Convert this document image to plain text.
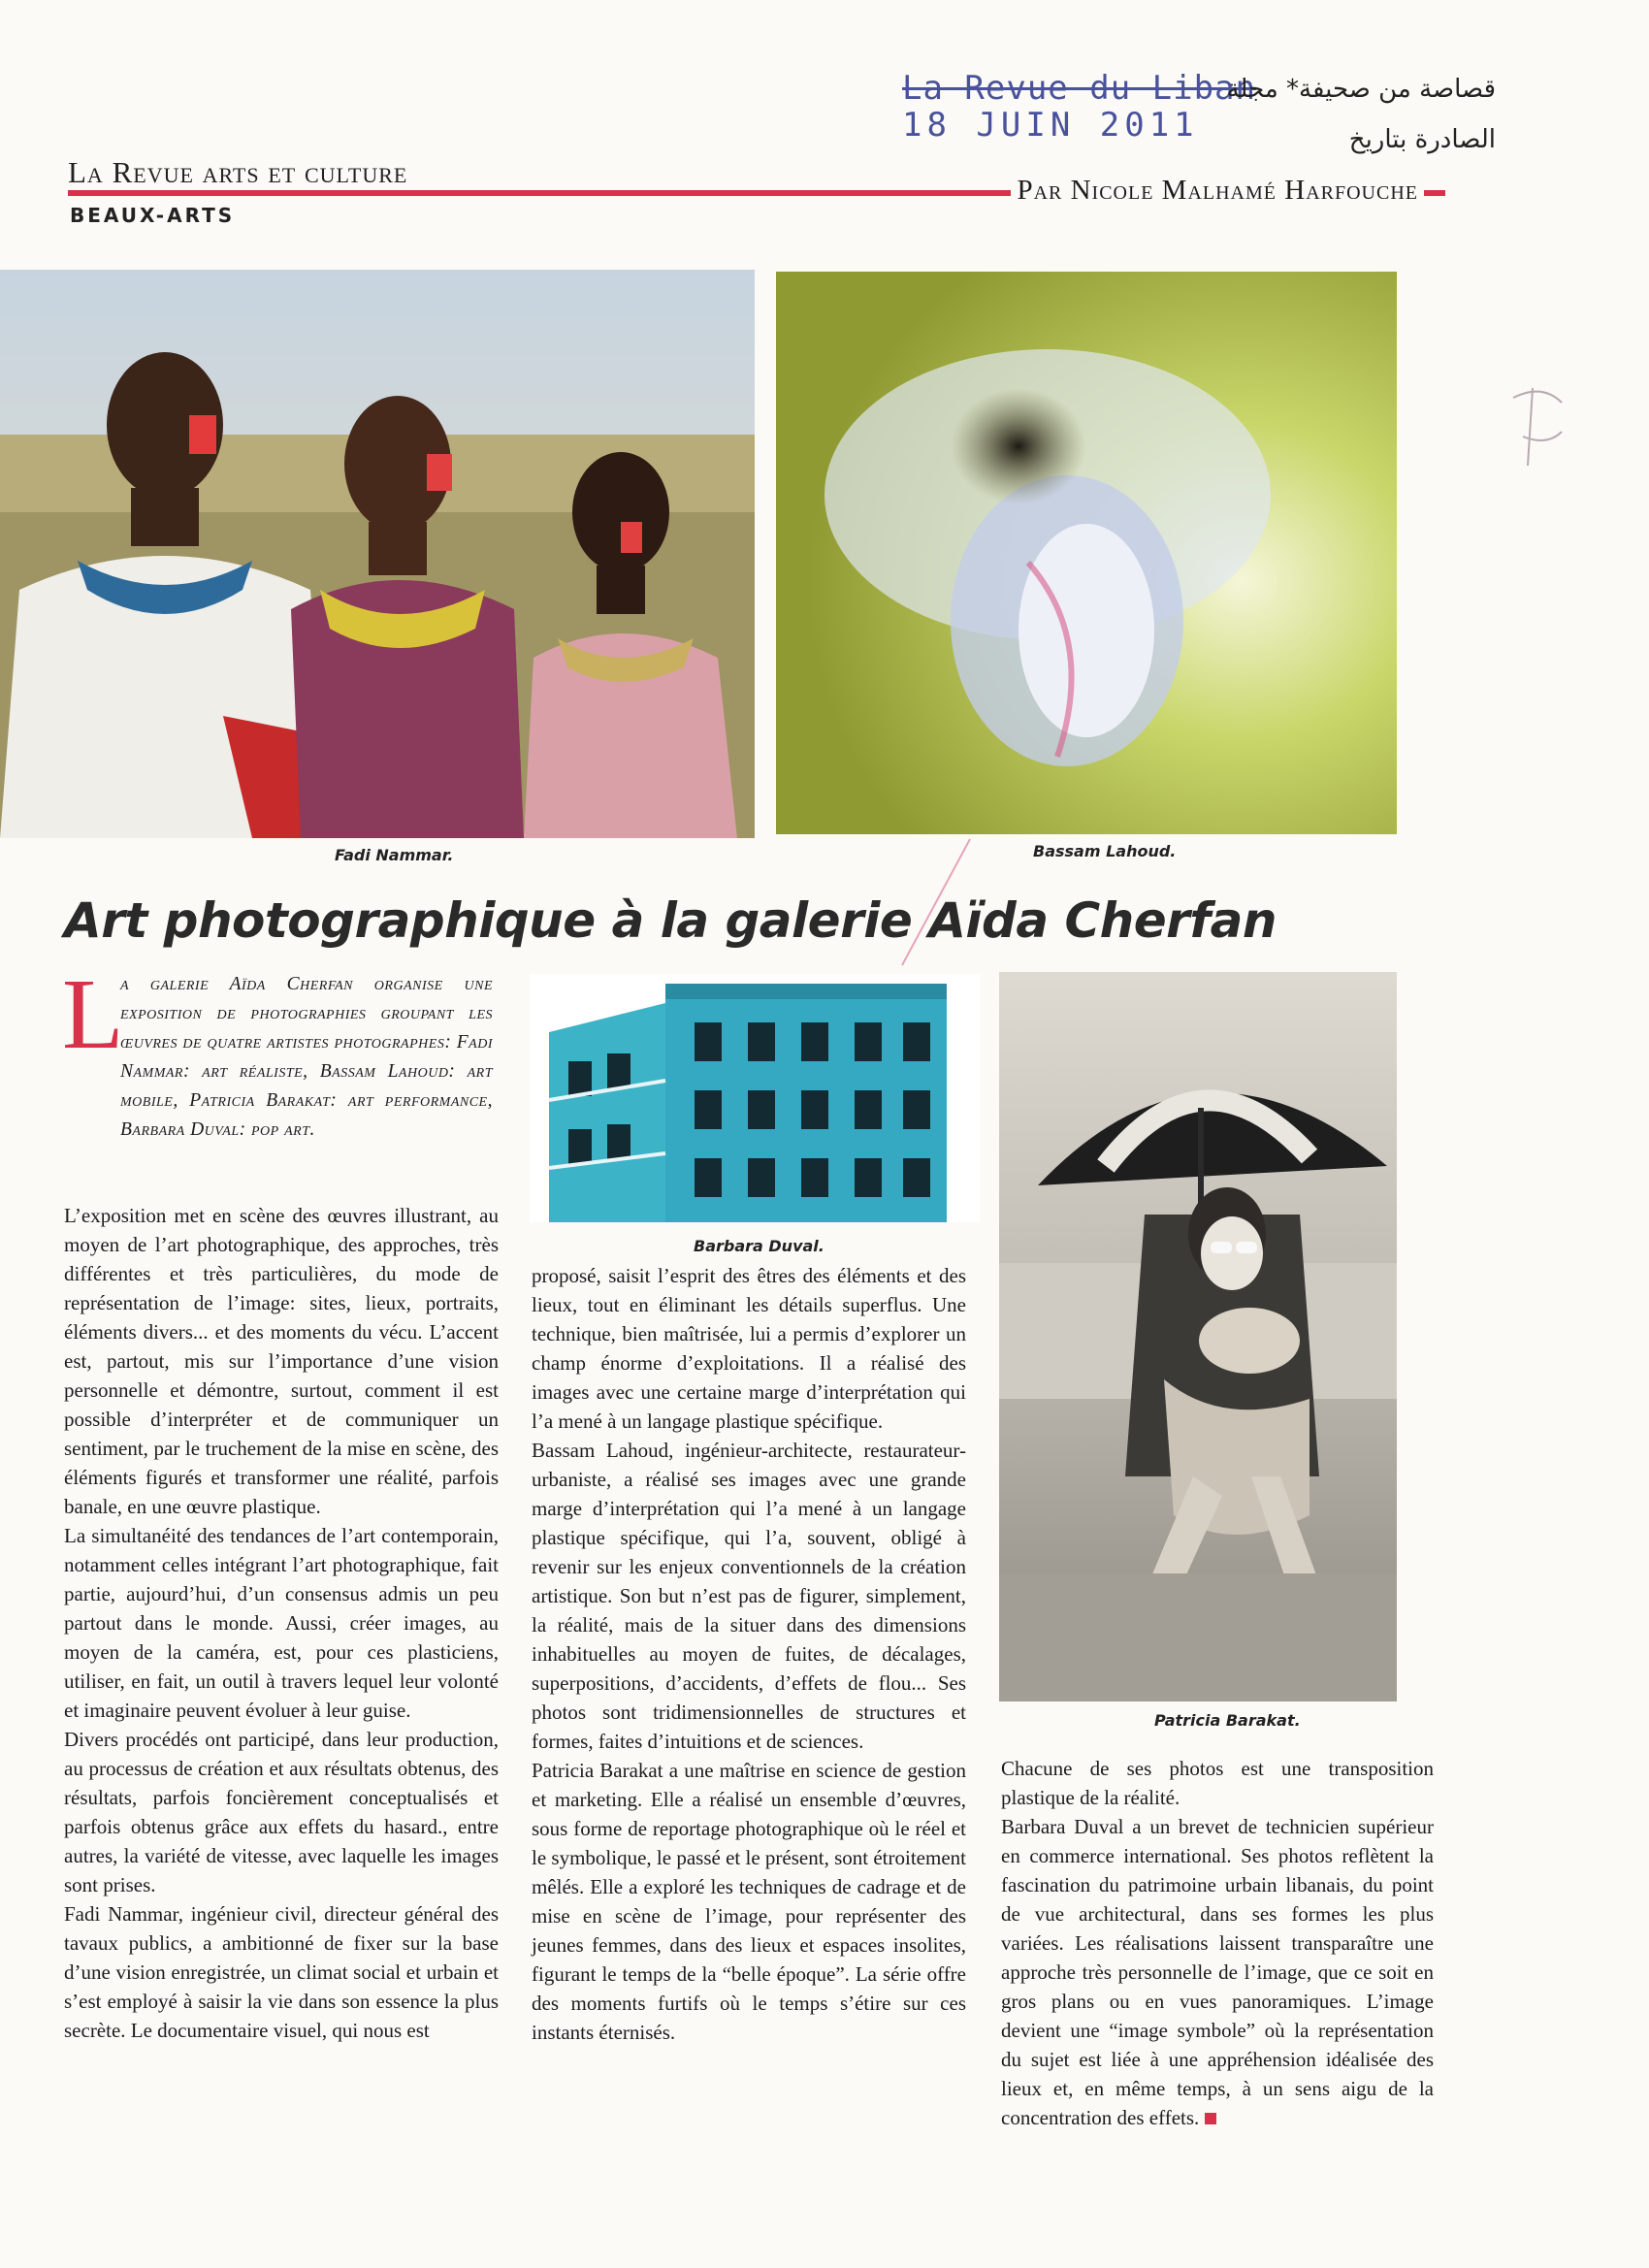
La Revue du Liban
18 JUIN 2011
قصاصة من صحيفة* مجلة
الصادرة بتاريخ
La Revue arts et culture
BEAUX-ARTS
Par Nicole Malhamé Harfouche
Fadi Nammar.	Bassam Lahoud.
Art photographique à la galerie Aïda Cherfan
L
a galerie Aïda Cherfan organise une exposition de photographies groupant les œuvres de quatre artistes photographes: Fadi Nammar: art réaliste, Bassam Lahoud: art mobile, Patricia Barakat: art performance, Barbara Duval: pop art.
Barbara Duval.
Patricia Barakat.

L’exposition met en scène des œuvres illustrant, au moyen de l’art photographique, des approches, très différentes et très particulières, du mode de représentation de l’image: sites, lieux, portraits, éléments divers... et des moments du vécu. L’accent est, partout, mis sur l’importance d’une vision personnelle et démontre, surtout, comment il est possible d’interpréter et de communiquer un sentiment, par le truchement de la mise en scène, des éléments figurés et transformer une réalité, parfois banale, en une œuvre plastique.

La simultanéité des tendances de l’art contemporain, notamment celles intégrant l’art photographique, fait partie, aujourd’hui, d’un consensus admis un peu partout dans le monde. Aussi, créer images, au moyen de la caméra, est, pour ces plasticiens, utiliser, en fait, un outil à travers lequel leur volonté et imaginaire peuvent évoluer à leur guise.

Divers procédés ont participé, dans leur production, au processus de création et aux résultats obtenus, des résultats, parfois foncièrement conceptualisés et parfois obtenus grâce aux effets du hasard., entre autres, la variété de vitesse, avec laquelle les images sont prises.

Fadi Nammar, ingénieur civil, directeur général des tavaux publics, a ambitionné de fixer sur la base d’une vision enregistrée, un climat social et urbain et s’est employé à saisir la vie dans son essence la plus secrète. Le documentaire visuel, qui nous est

proposé, saisit l’esprit des êtres des éléments et des lieux, tout en éliminant les détails superflus. Une technique, bien maîtrisée, lui a permis d’explorer un champ énorme d’exploitations. Il a réalisé des images avec une certaine marge d’interprétation qui l’a mené à un langage plastique spécifique.

Bassam Lahoud, ingénieur-architecte, restaurateur-urbaniste, a réalisé ses images avec une grande marge d’interprétation qui l’a mené à un langage plastique spécifique, qui l’a, souvent, obligé à revenir sur les enjeux conventionnels de la création artistique. Son but n’est pas de figurer, simplement, la réalité, mais de la situer dans des dimensions inhabituelles au moyen de fuites, de décalages, superpositions, d’accidents, d’effets de flou... Ses photos sont tridimensionnelles de structures et formes, faites d’intuitions et de sciences.

Patricia Barakat a une maîtrise en science de gestion et marketing. Elle a réalisé un ensemble d’œuvres, sous forme de reportage photographique où le réel et le symbolique, le passé et le présent, sont étroitement mêlés. Elle a exploré les techniques de cadrage et de mise en scène de l’image, pour représenter des jeunes femmes, dans des lieux et espaces insolites, figurant le temps de la “belle époque”. La série offre des moments furtifs où le temps s’étire sur ces instants éternisés.

Chacune de ses photos est une transposition plastique de la réalité.

Barbara Duval a un brevet de technicien supérieur en commerce international. Ses photos reflètent la fascination du patrimoine urbain libanais, du point de vue architectural, dans ses formes les plus variées. Les réalisations laissent transparaître une approche très personnelle de l’image, que ce soit en gros plans ou en vues panoramiques. L’image devient une “image symbole” où la représentation du sujet est liée à une appréhension idéalisée des lieux et, en même temps, à un sens aigu de la concentration des effets.
